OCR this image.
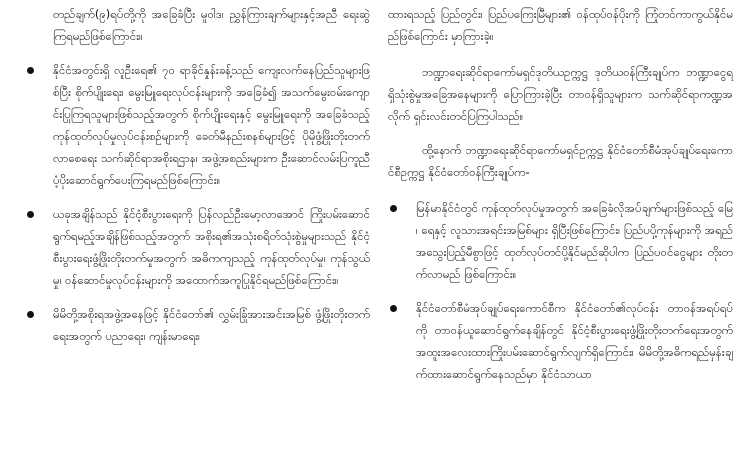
တည်ချက်(၉)ရပ်တို့ကို အခြေခံပြီး မူဝါဒ၊ ညွှန်ကြားချက်များနှင့်အညီ ရေးဆွဲကြရမည်ဖြစ်ကြောင်း။

နိုင်ငံအတွင်းရှိ လူဦးရေ၏ ၇၀ ရာခိုင်နှုန်းခန့်သည် ကျေးလက်နေပြည်သူများဖြစ်ပြီး စိုက်ပျိုးရေး၊ မွေးမြူရေးလုပ်ငန်းများကို အခြေခံ၍ အသက်မွေးဝမ်းကျောင်းပြုကြရသူများဖြစ်သည့်အတွက် စိုက်ပျိုးရေးနှင့် မွေးမြူရေးကို အခြေခံသည့် ကုန်ထုတ်လုပ်မှုလုပ်ငန်းစဉ်များကို ခေတ်မီနည်းစနစ်များဖြင့် ပိုမိုဖွံ့ဖြိုးတိုးတက်လာစေရေး သက်ဆိုင်ရာအစိုးရဌာန၊ အဖွဲ့အစည်းများက ဦးဆောင်လမ်းပြကူညီပံ့ပိုးဆောင်ရွက်ပေးကြရမည်ဖြစ်ကြောင်း။

ယခုအချိန်သည် နိုင်ငံ့စီးပွားရေးကို ပြန်လည်ဦးမော့လာအောင် ကြိုးပမ်းဆောင်ရွက်ရမည့်အချိန်ဖြစ်သည့်အတွက် အစိုးရ၏အသုံးစရိတ်သုံးစွဲမှုများသည် နိုင်ငံ့စီးပွားရေးဖွံ့ဖြိုးတိုးတက်မှုအတွက် အဓိကကျသည့် ကုန်ထုတ်လုပ်မှု၊ ကုန်သွယ်မှု၊ ဝန်ဆောင်မှုလုပ်ငန်းများကို အထောက်အကူပြုနိုင်ရမည်ဖြစ်ကြောင်း။

မိမိတို့အစိုးရအဖွဲ့အနေဖြင့် နိုင်ငံတော်၏ လွှမ်းခြုံအားအင်းအမြစ် ဖွံ့ဖြိုးတိုးတက်ရေးအတွက် ပညာရေး၊ ကျန်းမာရေး၊

ထားရသည့် ပြည်တွင်း၊ ပြည်ပကြေးမြီများ၏ ဝန်ထုပ်ဝန်ပိုးကို ကြုံတင်ကာကွယ်နိုင်မည်ဖြစ်ကြောင်း မှာကြားခဲ့။

ဘဏ္ဍာရေးဆိုင်ရာကော်မရှင်ဒုတိယဥက္ကဋ္ဌ ဒုတိယဝန်ကြီးချုပ်က ဘဏ္ဍာငွေရရှိသုံးစွဲမှုအခြေအနေများကို ပြောကြားခဲ့ပြီး တာဝန်ရှိသူများက သက်ဆိုင်ရာကဏ္ဍအလိုက် ရှင်းလင်းတင်ပြကြပါသည်။

ထို့နောက် ဘဏ္ဍာရေးဆိုင်ရာကော်မရှင်ဥက္ကဋ္ဌ နိုင်ငံတော်စီမံအုပ်ချုပ်ရေးကောင်စီဥက္ကဋ္ဌ နိုင်ငံတော်ဝန်ကြီးချုပ်က-

မြန်မာနိုင်ငံတွင် ကုန်ထုတ်လုပ်မှုအတွက် အခြေခံလိုအပ်ချက်များဖြစ်သည့် မြေ၊ ရေနှင့် လူသားအရင်းအမြစ်များ ရှိပြီးဖြစ်ကြောင်း၊ ပြည်ပပို့ကုန်များကို အရည်အသွေးပြည့်မီစွာဖြင့် ထုတ်လုပ်တင်ပို့နိုင်မည်ဆိုပါက ပြည်ပဝင်ငွေများ တိုးတက်လာမည် ဖြစ်ကြောင်း။

နိုင်ငံတော်စီမံအုပ်ချုပ်ရေးကောင်စီက နိုင်ငံတော်၏လုပ်ငန်း တာဝန်အရပ်ရပ်ကို တာဝန်ယူဆောင်ရွက်နေချိန်တွင် နိုင်ငံ့စီးပွားရေးဖွံ့ဖြိုးတိုးတက်ရေးအတွက် အထူးအလေးထားကြိုးပမ်းဆောင်ရွက်လျက်ရှိကြောင်း၊ မိမိတို့အဓိကရည်မှန်းချက်ထားဆောင်ရွက်နေသည်မှာ နိုင်ငံသာယာ
